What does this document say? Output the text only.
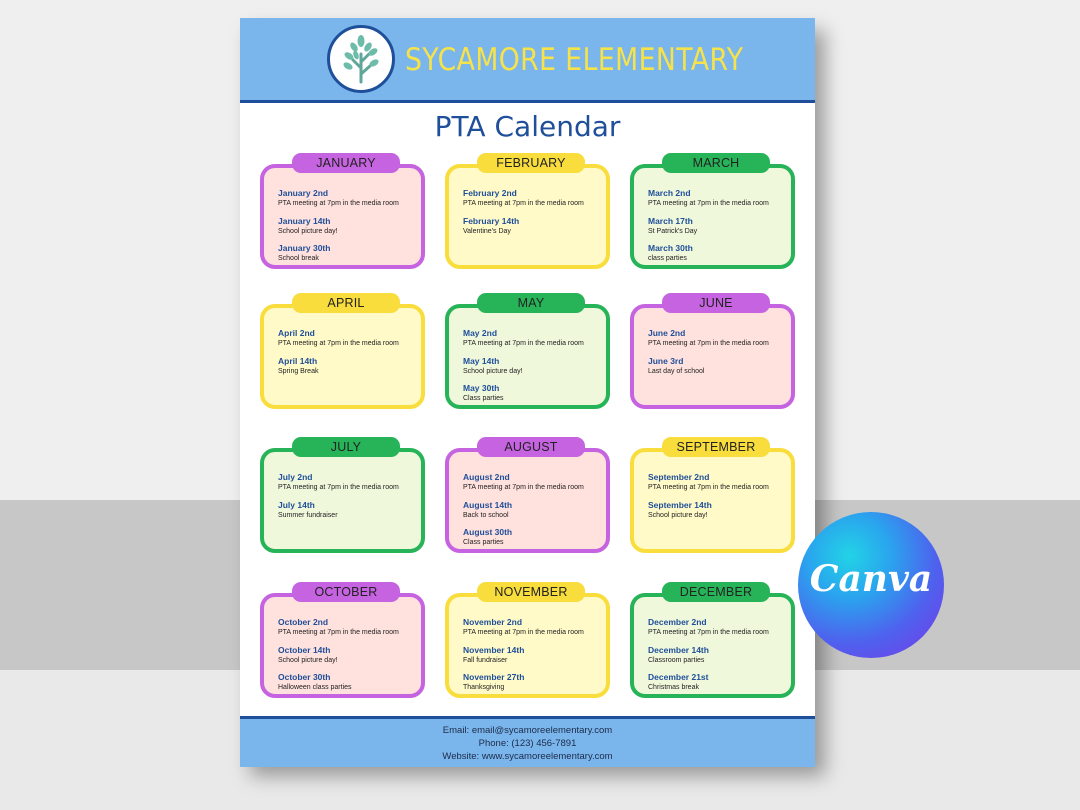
SYCAMORE ELEMENTARY
PTA Calendar
JANUARY
January 2nd
PTA meeting at 7pm in the media room
January 14th
School picture day!
January 30th
School break
FEBRUARY
February 2nd
PTA meeting at 7pm in the media room
February 14th
Valentine's Day
MARCH
March 2nd
PTA meeting at 7pm in the media room
March 17th
St Patrick's Day
March 30th
class parties
APRIL
April 2nd
PTA meeting at 7pm in the media room
April 14th
Spring Break
MAY
May 2nd
PTA meeting at 7pm in the media room
May 14th
School picture day!
May 30th
Class parties
JUNE
June 2nd
PTA meeting at 7pm in the media room
June 3rd
Last day of school
JULY
July 2nd
PTA meeting at 7pm in the media room
July 14th
Summer fundraiser
AUGUST
August 2nd
PTA meeting at 7pm in the media room
August 14th
Back to school
August 30th
Class parties
SEPTEMBER
September 2nd
PTA meeting at 7pm in the media room
September 14th
School picture day!
OCTOBER
October 2nd
PTA meeting at 7pm in the media room
October 14th
School picture day!
October 30th
Halloween class parties
NOVEMBER
November 2nd
PTA meeting at 7pm in the media room
November 14th
Fall fundraiser
November 27th
Thanksgiving
DECEMBER
December 2nd
PTA meeting at 7pm in the media room
December 14th
Classroom parties
December 21st
Christmas break
Email: email@sycamoreelementary.com
Phone: (123) 456-7891
Website: www.sycamoreelementary.com
Canva
